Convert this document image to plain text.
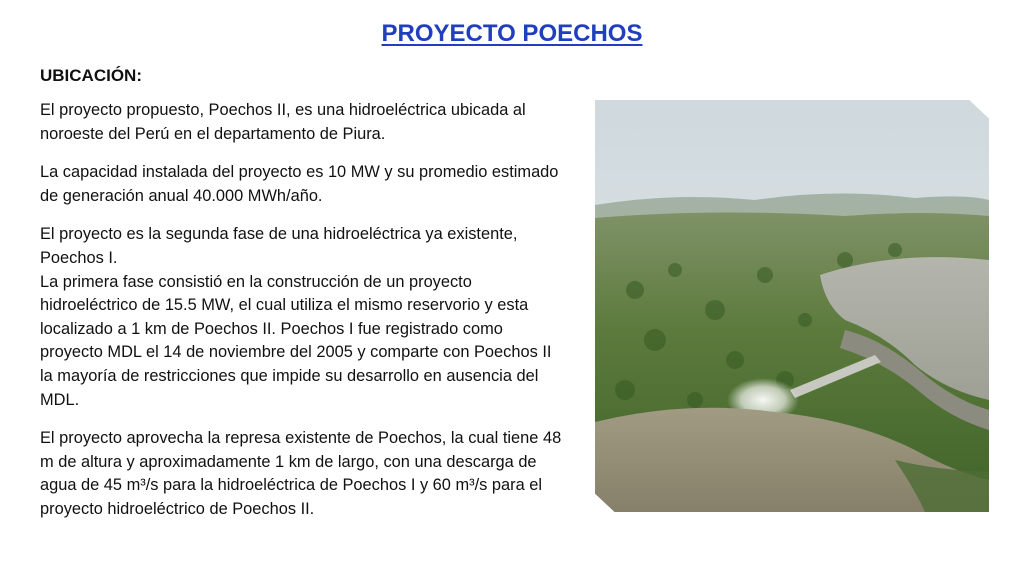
PROYECTO POECHOS
UBICACIÓN:

El proyecto propuesto, Poechos II, es una hidroeléctrica ubicada al noroeste del Perú en el departamento de Piura.

La capacidad instalada del proyecto es 10 MW y su promedio estimado de generación anual 40.000 MWh/año.

El proyecto es la segunda fase de una hidroeléctrica ya existente, Poechos I.
La primera fase consistió en la construcción de un proyecto hidroeléctrico de 15.5 MW, el cual utiliza el mismo reservorio y esta localizado a 1 km de Poechos II. Poechos I fue registrado como proyecto MDL el 14 de noviembre del 2005 y comparte con Poechos II la mayoría de restricciones que impide su desarrollo en ausencia del MDL.

El proyecto aprovecha la represa existente de Poechos, la cual tiene 48 m de altura y aproximadamente 1 km de largo, con una descarga de agua de 45 m³/s para la hidroeléctrica de Poechos I y 60 m³/s para el proyecto hidroeléctrico de Poechos II.
